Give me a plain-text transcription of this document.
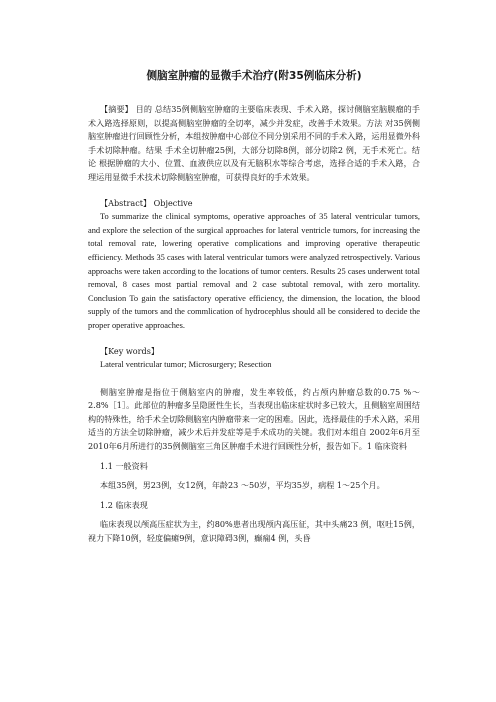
侧脑室肿瘤的显微手术治疗(附35例临床分析)

【摘要】 目的 总结35例侧脑室肿瘤的主要临床表现、手术入路，探讨侧脑室脑膜瘤的手术入路选择原则，以提高侧脑室肿瘤的全切率，减少并发症，改善手术效果。方法 对35例侧脑室肿瘤进行回顾性分析，本组按肿瘤中心部位不同分别采用不同的手术入路，运用显微外科手术切除肿瘤。结果 手术全切肿瘤25例，大部分切除8例，部分切除2 例，无手术死亡。结论 根据肿瘤的大小、位置、血液供应以及有无脑积水等综合考虑，选择合适的手术入路，合理运用显微手术技术切除侧脑室肿瘤，可获得良好的手术效果。

【Abstract】 Objective

To summarize the clinical symptoms, operative approaches of 35 lateral ventricular tumors, and explore the selection of the surgical approaches for lateral ventricle tumors, for increasing the total removal rate, lowering operative complications and improving operative therapeutic efficiency. Methods 35 cases with lateral ventricular tumors were analyzed retrospectively. Various approachs were taken according to the locations of tumor centers. Results 25 cases underwent total removal, 8 cases most partial removal and 2 case subtotal removal, with zero mortality. Conclusion To gain the satisfactory operative efficiency, the dimension, the location, the blood supply of the tumors and the commlication of hydrocephlus should all be considered to decide the proper operative approaches.

【Key words】

Lateral ventricular tumor; Microsurgery; Resection

侧脑室肿瘤是指位于侧脑室内的肿瘤，发生率较低，约占颅内肿瘤总数的0.75 %～2.8%［1］。此部位的肿瘤多呈隐匿性生长，当表现出临床症状时多已较大，且侧脑室周围结构的特殊性，给手术全切除侧脑室内肿瘤带来一定的困难。因此，选择最佳的手术入路，采用适当的方法全切除肿瘤，减少术后并发症等是手术成功的关键。我们对本组自 2002年6月至2010年6月所进行的35例侧脑室三角区肿瘤手术进行回顾性分析，报告如下。1 临床资料

1.1 一般资料

本组35例，男23例，女12例，年龄23 ～50岁，平均35岁，病程 1～25个月。

1.2 临床表现

临床表现以颅高压症状为主，约80%患者出现颅内高压征，其中头痛23 例，呕吐15例，视力下降10例，轻度偏瘫9例，意识障碍3例，癫痫4 例，头昏
